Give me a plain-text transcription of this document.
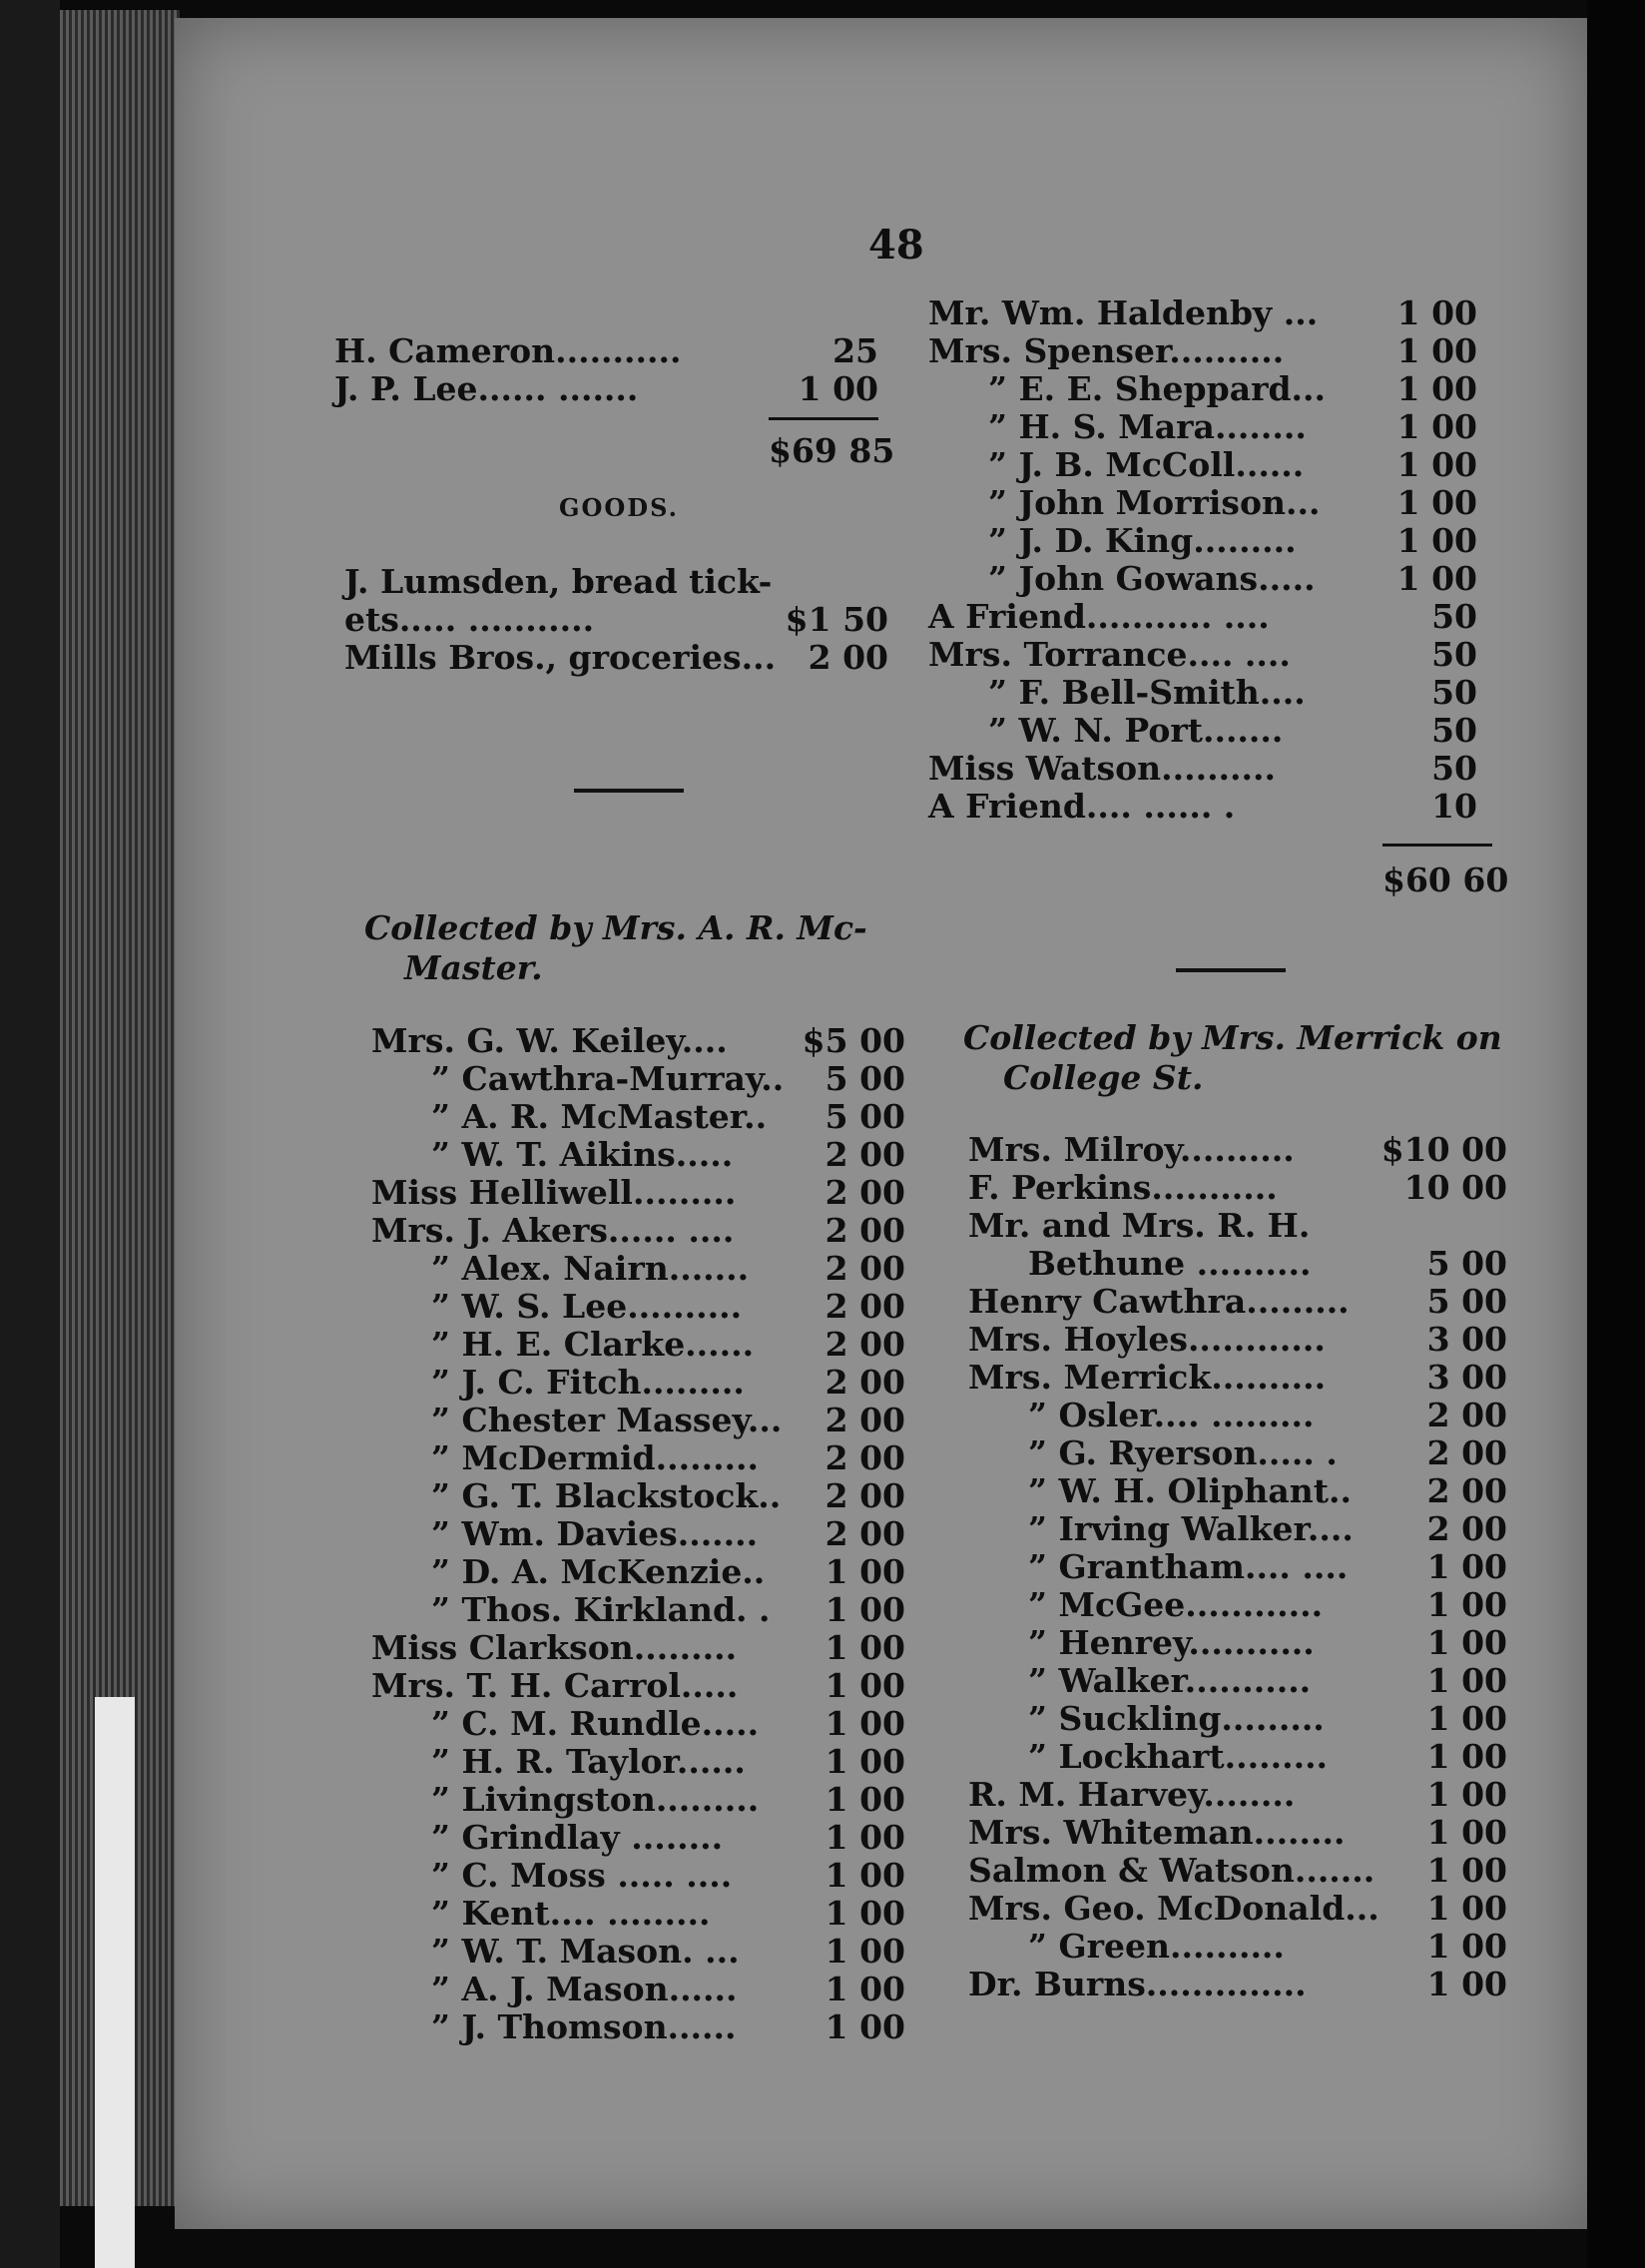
48
H. Cameron...........	25
J. P. Lee...... .......	1 00
$69 85
GOODS.
J. Lumsden, bread tick-
ets..... ...........	$1 50
Mills Bros., groceries... 2 00
Mr. Wm. Haldenby ... 1 00
Mrs. Spenser..........	1 00
” E. E. Sheppard... 1 00
” H. S. Mara........	1 00
” J. B. McColl......	1 00
” John Morrison... 1 00
” J. D. King.........	1 00
” John Gowans..... 1 00
A Friend........... ....	50
Mrs. Torrance.... ....	50
” F. Bell-Smith....	50
” W. N. Port.......	50
Miss Watson..........	50
A Friend.... ...... .	10
$60 60
Collected by Mrs. A. R. Mc-
Master.
Mrs. G. W. Keiley.... $5 00
” Cawthra-Murray.. 5 00
” A. R. McMaster.. 5 00
” W. T. Aikins.....	2 00
Miss Helliwell.........	2 00
Mrs. J. Akers...... ....	2 00
” Alex. Nairn....... 2 00
” W. S. Lee..........	2 00
” H. E. Clarke...... 2 00
” J. C. Fitch......... 2 00
” Chester Massey... 2 00
” McDermid......... 2 00
” G. T. Blackstock.. 2 00
” Wm. Davies....... 2 00
” D. A. McKenzie.. 1 00
” Thos. Kirkland. . 1 00
Miss Clarkson.........	1 00
Mrs. T. H. Carrol.....	1 00
” C. M. Rundle..... 1 00
” H. R. Taylor...... 1 00
” Livingston......... 1 00
” Grindlay ........	1 00
” C. Moss ..... ....	1 00
” Kent.... .........	1 00
” W. T. Mason. ...	1 00
” A. J. Mason......	1 00
” J. Thomson......	1 00
Collected by Mrs. Merrick on
College St.
Mrs. Milroy..........	$10 00
F. Perkins...........	10 00
Mr. and Mrs. R. H.
Bethune ..........	5 00
Henry Cawthra......... 5 00
Mrs. Hoyles............	3 00
Mrs. Merrick..........	3 00
” Osler.... .........	2 00
” G. Ryerson..... .	2 00
” W. H. Oliphant.. 2 00
” Irving Walker.... 2 00
” Grantham.... .... 1 00
” McGee............	1 00
” Henrey...........	1 00
” Walker...........	1 00
” Suckling.........	1 00
” Lockhart.........	1 00
R. M. Harvey........	1 00
Mrs. Whiteman........ 1 00
Salmon & Watson....... 1 00
Mrs. Geo. McDonald... 1 00
” Green..........	1 00
Dr. Burns..............	1 00
